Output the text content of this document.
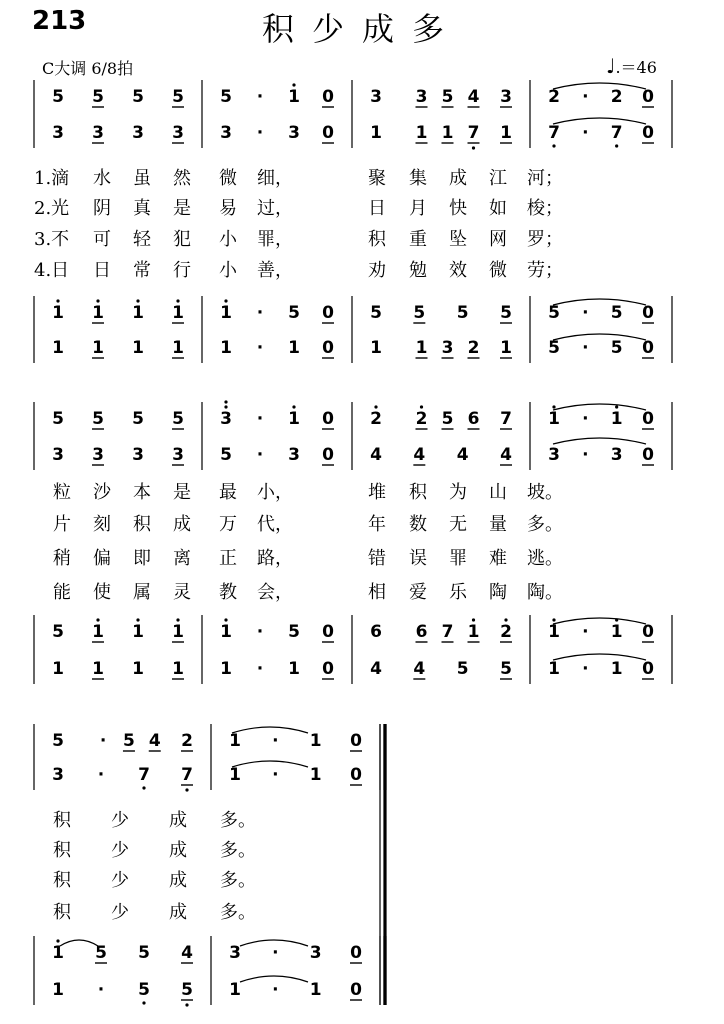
213	积少成多
C大调 6/8拍	♩.＝46
5 5 5 5 5 · 1 0 3 3 5 4 3 2 · 2 0
3 3 3 3 3 · 3 0 1 1 1 7 1 7 · 7 0
1.滴 水 虽 然 微 细，	聚 集 成 江 河；
2.光 阴 真 是 易 过，	日 月 快 如 梭；
3.不 可 轻 犯 小 罪，	积 重 坠 网 罗；
4.日 日 常 行 小 善，	劝 勉 效 微 劳；
1 1 1 1 1 · 5 0 5 5 5 5 5 · 5 0
1 1 1 1 1 · 1 0 1 1 3 2 1 5 · 5 0
5 5 5 5 3 · 1 0 2 2 5 6 7 1 · 1 0
3 3 3 3 5 · 3 0 4 4 4 4 3 · 3 0
粒 沙 本 是 最 小，	堆 积 为 山 坡。
片 刻 积 成 万 代，	年 数 无 量 多。
稍 偏 即 离 正 路，	错 误 罪 难 逃。
能 使 属 灵 教 会，	相 爱 乐 陶 陶。
5 1 1 1 1 · 5 0 6 6 7 1 2 1 · 1 0
1 1 1 1 1 · 1 0 4 4 5 5 1 · 1 0
5 · 5 4 2 1 · 1 0
3 · 7 7 1 · 1 0
积 少 成 多。
积 少 成 多。
积 少 成 多。
积 少 成 多。
1 5 5 4 3 · 3 0
1 · 5 5 1 · 1 0
